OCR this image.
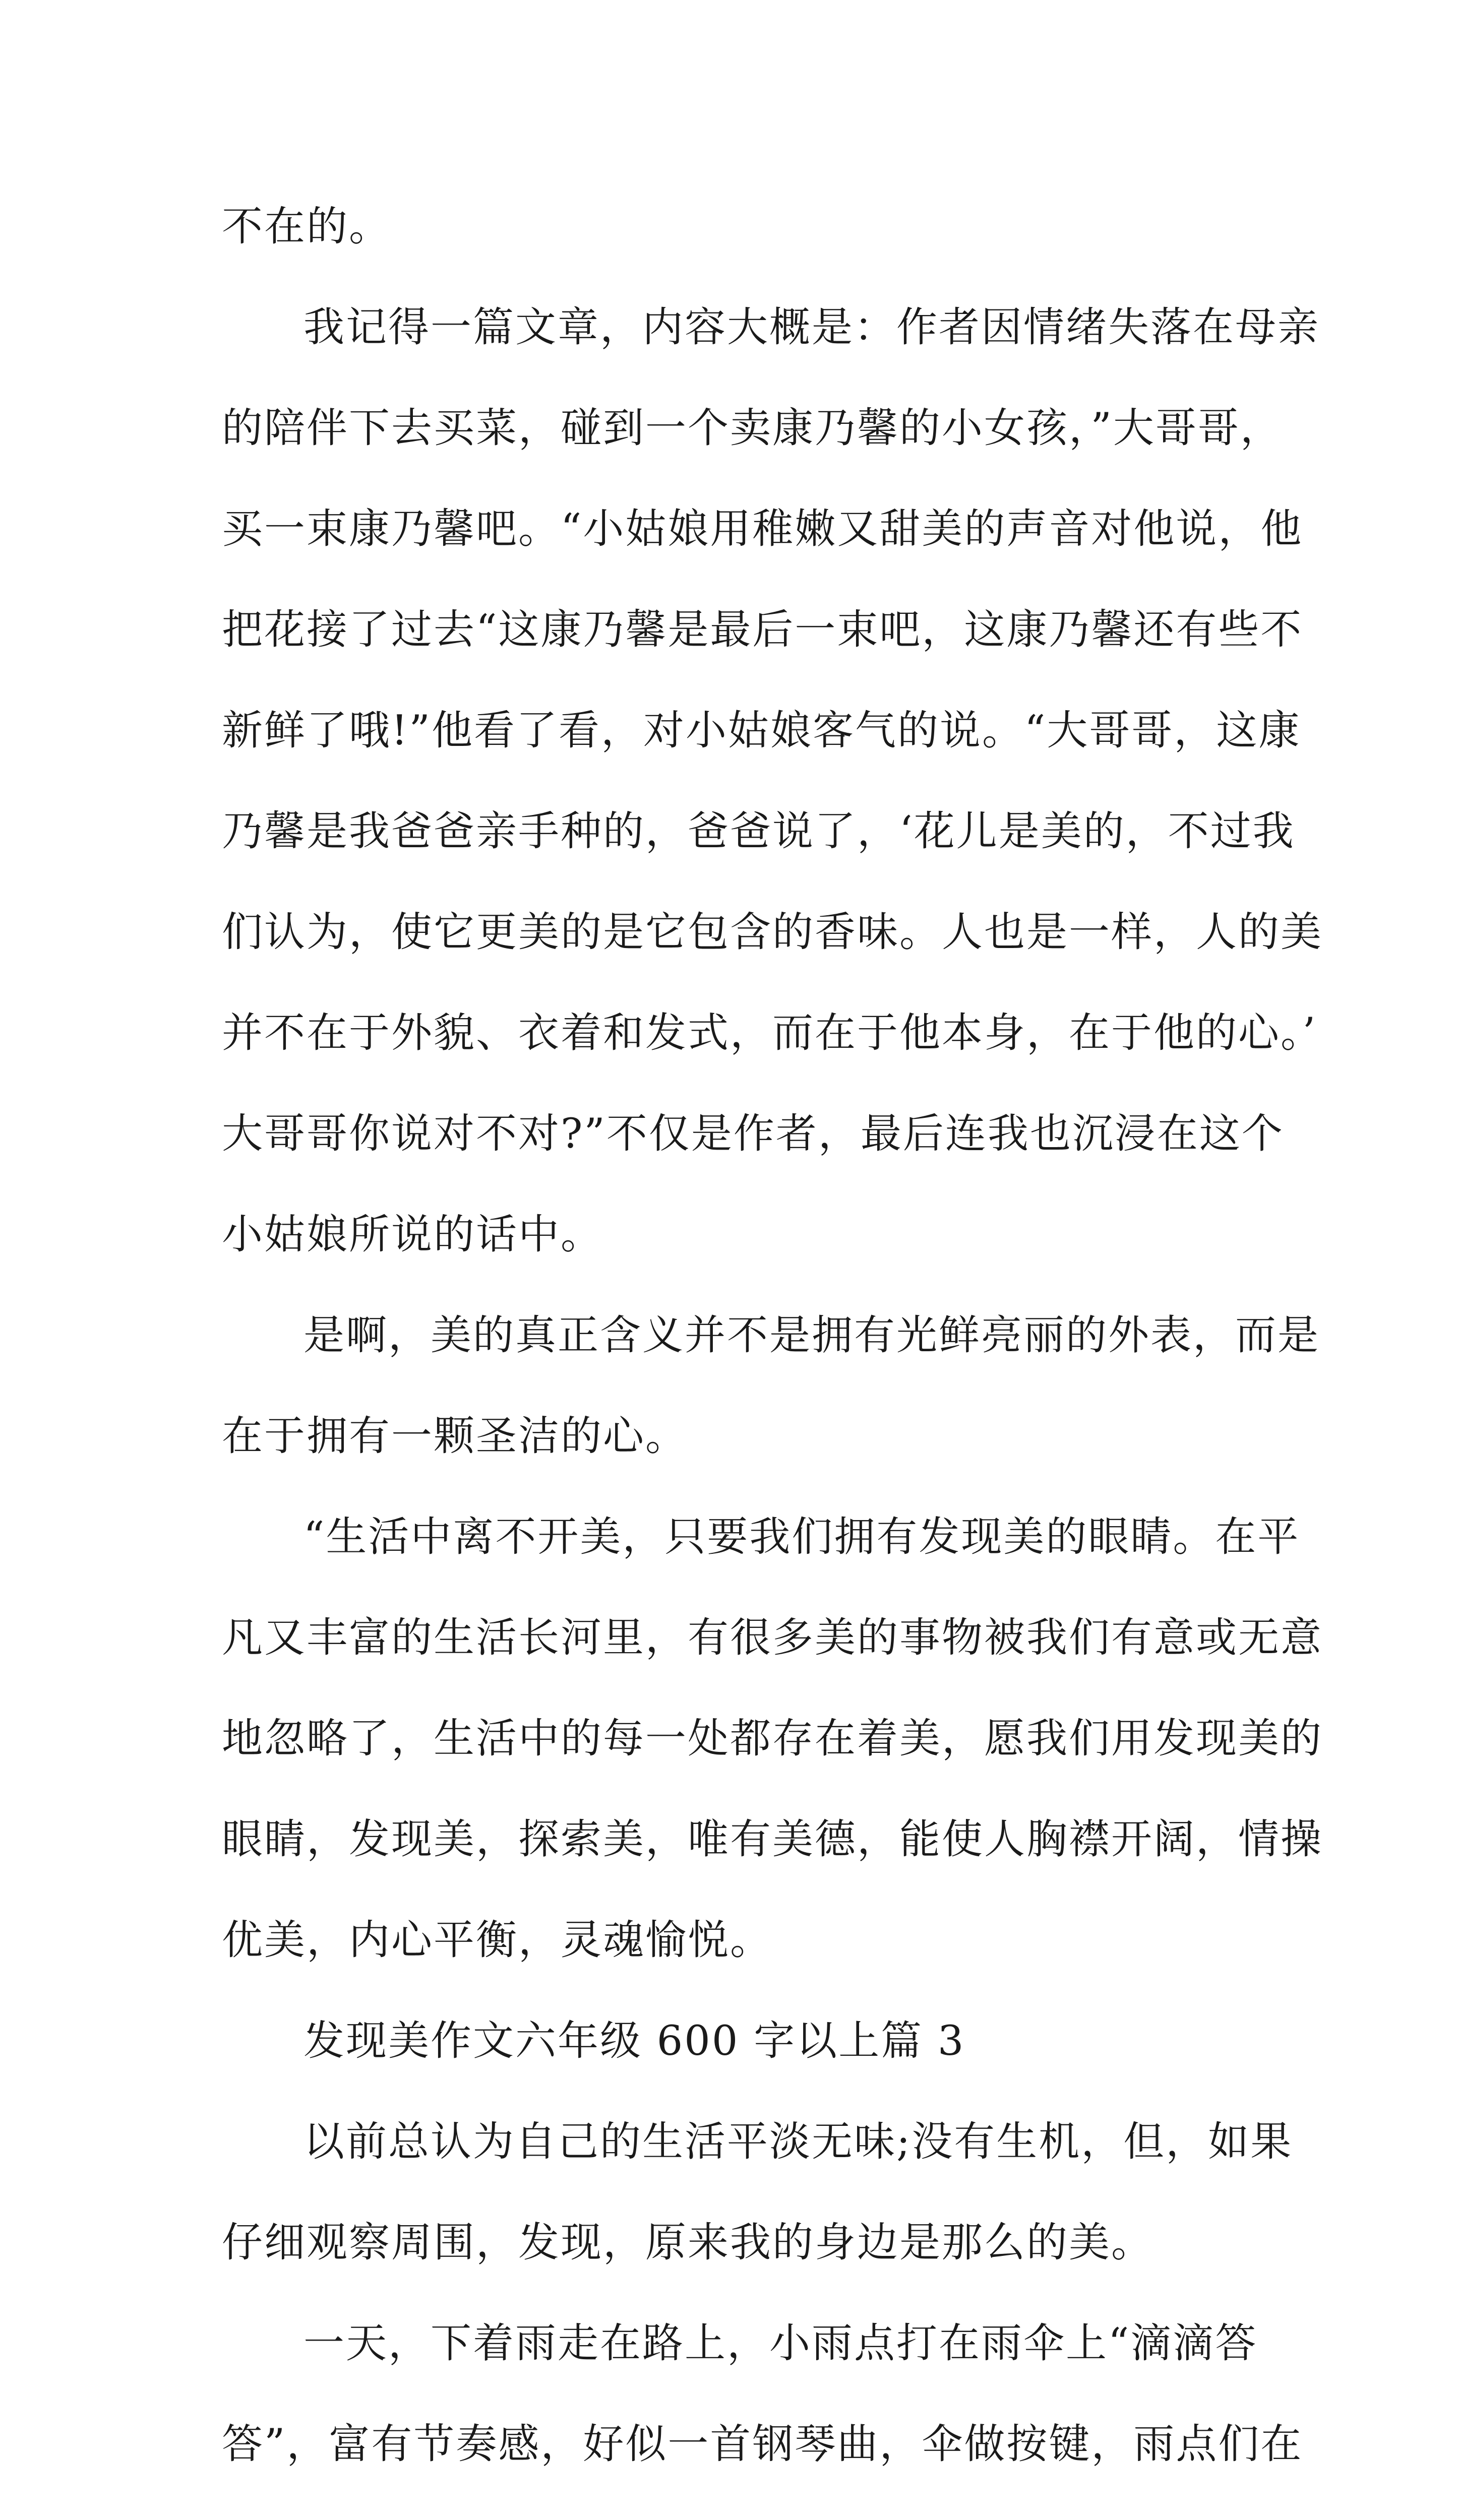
不在的。

我记得一篇文章，内容大概是：作者因情绪失落在母亲
的陪伴下去买菜，碰到一个卖康乃馨的小女孩，”大哥哥，
买一束康乃馨吧。“小姑娘用稚嫩又甜美的声音对他说，他
把花接了过去“这康乃馨是最后一束吧，这康乃馨还有些不
新鲜了哦!”他看了看，对小姑娘客气的说。“大哥哥，这康
乃馨是我爸爸亲手种的，爸爸说了，‘花儿是美的，不过我
们认为，使它更美的是它包含的香味。人也是一样，人的美
并不在于外貌、衣着和发式，而在于他本身，在于他的心。’
大哥哥你说对不对?”不仅是作者，最后连我也沉浸在这个
小姑娘所说的话中。

是啊，美的真正含义并不是拥有光鲜亮丽的外表，而是
在于拥有一颗圣洁的心。

“生活中离不开美，只要我们拥有发现美的眼睛。在平
凡又丰富的生活长河里，有很多美的事物被我们有意或无意
地忽略了，生活中的每一处都存在着美，愿我们用发现美的
眼睛，发现美，探索美，唯有美德，能使人胸襟开阔，情操
优美，内心平衡，灵魂愉悦。

发现美作文六年级 600 字以上篇 3

以前总认为自己的生活平淡无味;没有生机，但，如果
仔细观察周围，发现，原来我的身边是那么的美。

一天，下着雨走在路上，小雨点打在雨伞上“滴滴答
答”，富有节奏感，好似一首钢琴曲，伞做按键，雨点们在
